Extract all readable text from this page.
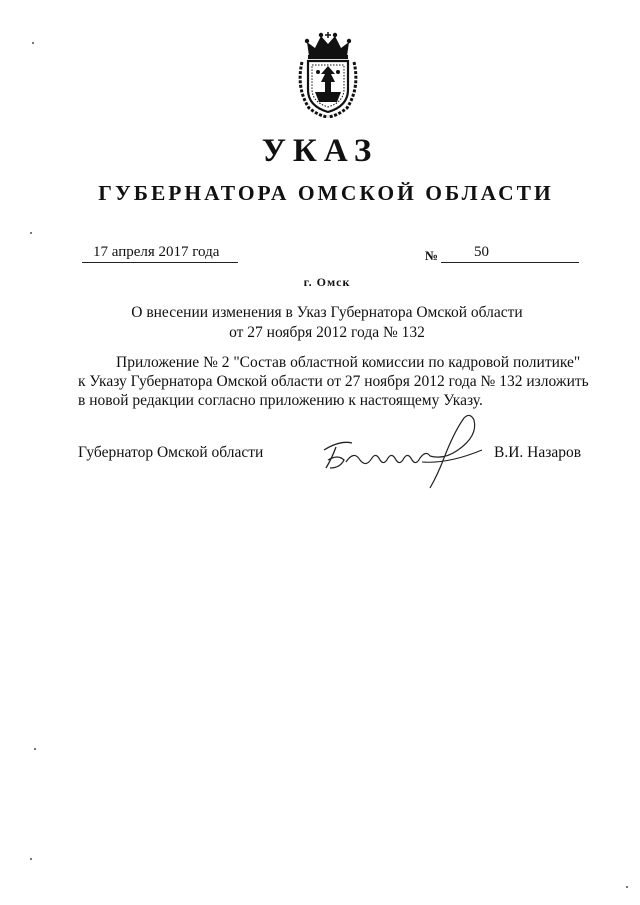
УКАЗ
ГУБЕРНАТОРА ОМСКОЙ ОБЛАСТИ
17 апреля 2017 года	№ 50
г. Омск
О внесении изменения в Указ Губернатора Омской области
от 27 ноября 2012 года № 132
Приложение № 2 "Состав областной комиссии по кадровой политике"
к Указу Губернатора Омской области от 27 ноября 2012 года № 132 изложить
в новой редакции согласно приложению к настоящему Указу.
Губернатор Омской области	В.И. Назаров
